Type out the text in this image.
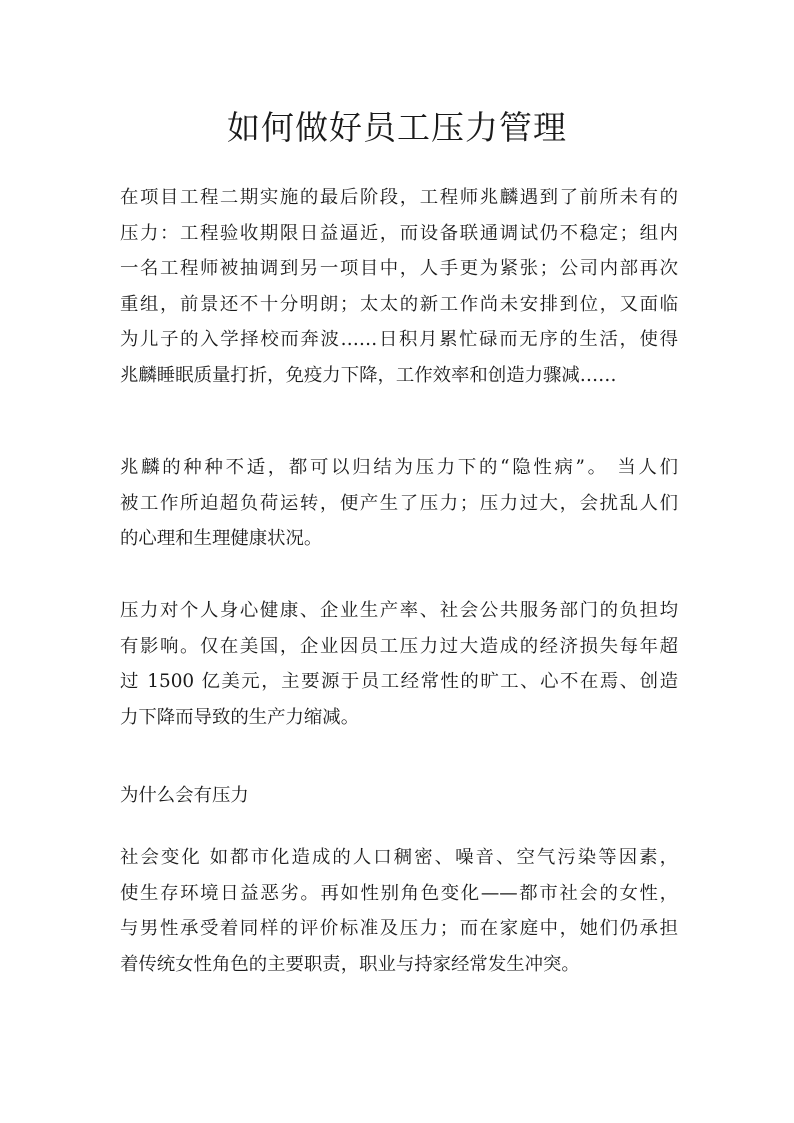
如何做好员工压力管理

在项目工程二期实施的最后阶段，工程师兆麟遇到了前所未有的
压力：工程验收期限日益逼近，而设备联通调试仍不稳定；组内
一名工程师被抽调到另一项目中，人手更为紧张；公司内部再次
重组，前景还不十分明朗；太太的新工作尚未安排到位，又面临
为儿子的入学择校而奔波……日积月累忙碌而无序的生活，使得
兆麟睡眠质量打折，免疫力下降，工作效率和创造力骤减……

兆麟的种种不适，都可以归结为压力下的“隐性病”。 当人们
被工作所迫超负荷运转，便产生了压力；压力过大，会扰乱人们
的心理和生理健康状况。

压力对个人身心健康、企业生产率、社会公共服务部门的负担均
有影响。仅在美国，企业因员工压力过大造成的经济损失每年超
过 1500 亿美元，主要源于员工经常性的旷工、心不在焉、创造
力下降而导致的生产力缩减。

为什么会有压力

社会变化 如都市化造成的人口稠密、噪音、空气污染等因素，
使生存环境日益恶劣。再如性别角色变化——都市社会的女性，
与男性承受着同样的评价标准及压力；而在家庭中，她们仍承担
着传统女性角色的主要职责，职业与持家经常发生冲突。
